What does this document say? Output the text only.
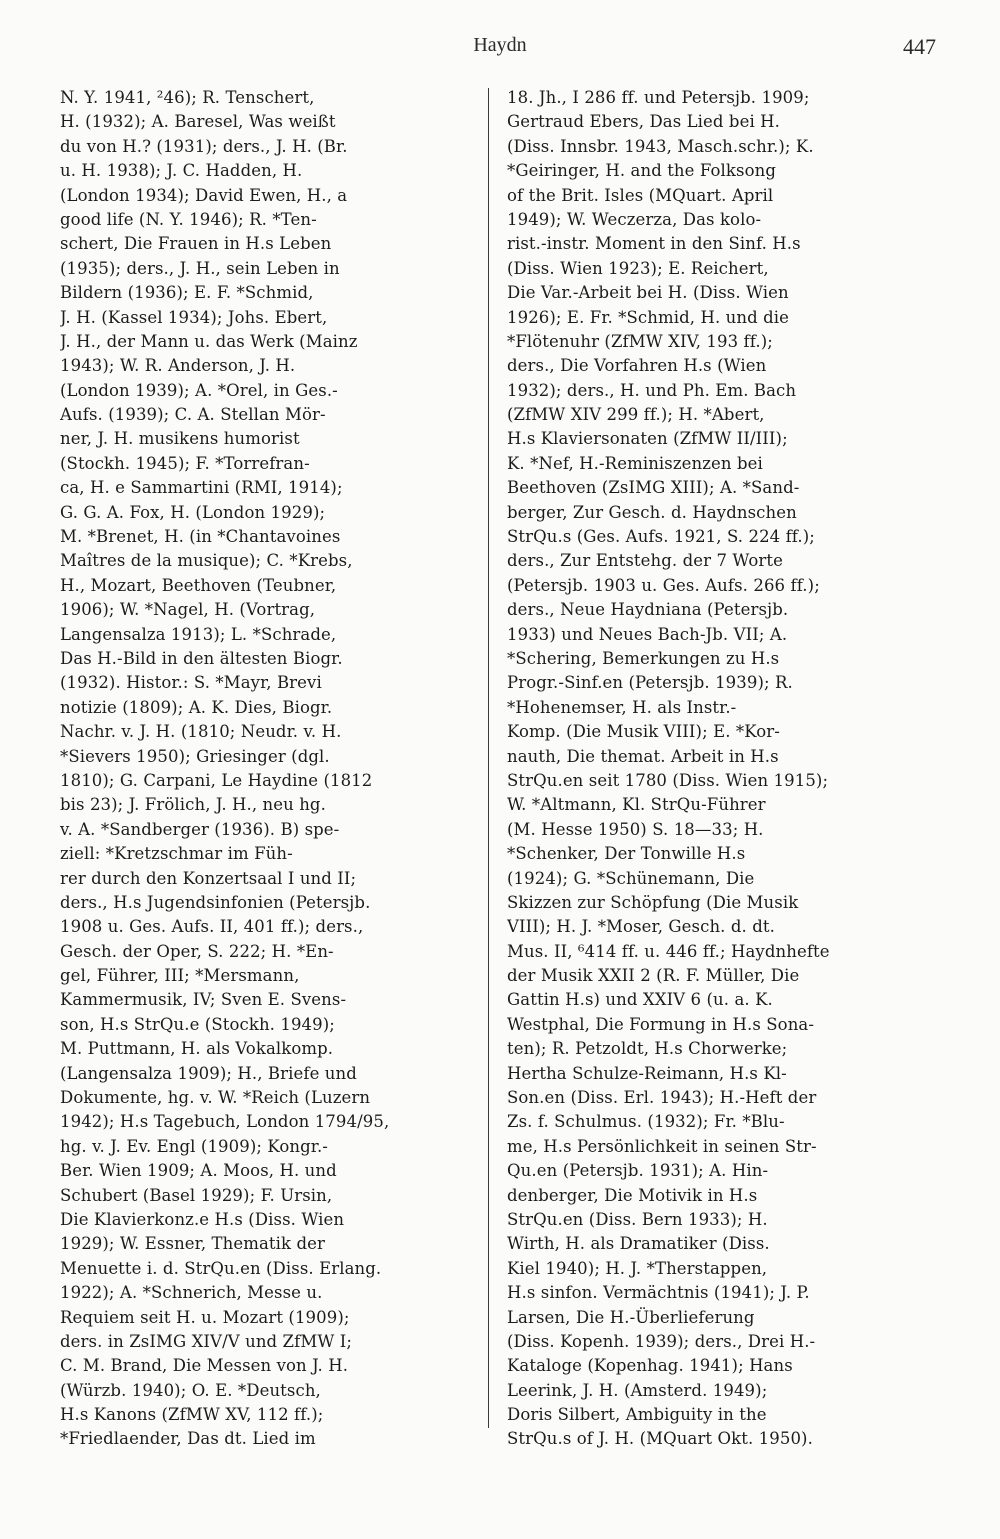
Haydn	447
N. Y. 1941, ²46); R. Tenschert,
H. (1932); A. Baresel, Was weißt
du von H.? (1931); ders., J. H. (Br.
u. H. 1938); J. C. Hadden, H.
(London 1934); David Ewen, H., a
good life (N. Y. 1946); R. *Ten-
schert, Die Frauen in H.s Leben
(1935); ders., J. H., sein Leben in
Bildern (1936); E. F. *Schmid,
J. H. (Kassel 1934); Johs. Ebert,
J. H., der Mann u. das Werk (Mainz
1943); W. R. Anderson, J. H.
(London 1939); A. *Orel, in Ges.-
Aufs. (1939); C. A. Stellan Mör-
ner, J. H. musikens humorist
(Stockh. 1945); F. *Torrefran-
ca, H. e Sammartini (RMI, 1914);
G. G. A. Fox, H. (London 1929);
M. *Brenet, H. (in *Chantavoines
Maîtres de la musique); C. *Krebs,
H., Mozart, Beethoven (Teubner,
1906); W. *Nagel, H. (Vortrag,
Langensalza 1913); L. *Schrade,
Das H.-Bild in den ältesten Biogr.
(1932). Histor.: S. *Mayr, Brevi
notizie (1809); A. K. Dies, Biogr.
Nachr. v. J. H. (1810; Neudr. v. H.
*Sievers 1950); Griesinger (dgl.
1810); G. Carpani, Le Haydine (1812
bis 23); J. Frölich, J. H., neu hg.
v. A. *Sandberger (1936). B) spe-
ziell: *Kretzschmar im Füh-
rer durch den Konzertsaal I und II;
ders., H.s Jugendsinfonien (Petersjb.
1908 u. Ges. Aufs. II, 401 ff.); ders.,
Gesch. der Oper, S. 222; H. *En-
gel, Führer, III; *Mersmann,
Kammermusik, IV; Sven E. Svens-
son, H.s StrQu.e (Stockh. 1949);
M. Puttmann, H. als Vokalkomp.
(Langensalza 1909); H., Briefe und
Dokumente, hg. v. W. *Reich (Luzern
1942); H.s Tagebuch, London 1794/95,
hg. v. J. Ev. Engl (1909); Kongr.-
Ber. Wien 1909; A. Moos, H. und
Schubert (Basel 1929); F. Ursin,
Die Klavierkonz.e H.s (Diss. Wien
1929); W. Essner, Thematik der
Menuette i. d. StrQu.en (Diss. Erlang.
1922); A. *Schnerich, Messe u.
Requiem seit H. u. Mozart (1909);
ders. in ZsIMG XIV/V und ZfMW I;
C. M. Brand, Die Messen von J. H.
(Würzb. 1940); O. E. *Deutsch,
H.s Kanons (ZfMW XV, 112 ff.);
*Friedlaender, Das dt. Lied im
18. Jh., I 286 ff. und Petersjb. 1909;
Gertraud Ebers, Das Lied bei H.
(Diss. Innsbr. 1943, Masch.schr.); K.
*Geiringer, H. and the Folksong
of the Brit. Isles (MQuart. April
1949); W. Weczerza, Das kolo-
rist.-instr. Moment in den Sinf. H.s
(Diss. Wien 1923); E. Reichert,
Die Var.-Arbeit bei H. (Diss. Wien
1926); E. Fr. *Schmid, H. und die
*Flötenuhr (ZfMW XIV, 193 ff.);
ders., Die Vorfahren H.s (Wien
1932); ders., H. und Ph. Em. Bach
(ZfMW XIV 299 ff.); H. *Abert,
H.s Klaviersonaten (ZfMW II/III);
K. *Nef, H.-Reminiszenzen bei
Beethoven (ZsIMG XIII); A. *Sand-
berger, Zur Gesch. d. Haydnschen
StrQu.s (Ges. Aufs. 1921, S. 224 ff.);
ders., Zur Entstehg. der 7 Worte
(Petersjb. 1903 u. Ges. Aufs. 266 ff.);
ders., Neue Haydniana (Petersjb.
1933) und Neues Bach-Jb. VII; A.
*Schering, Bemerkungen zu H.s
Progr.-Sinf.en (Petersjb. 1939); R.
*Hohenemser, H. als Instr.-
Komp. (Die Musik VIII); E. *Kor-
nauth, Die themat. Arbeit in H.s
StrQu.en seit 1780 (Diss. Wien 1915);
W. *Altmann, Kl. StrQu-Führer
(M. Hesse 1950) S. 18—33; H.
*Schenker, Der Tonwille H.s
(1924); G. *Schünemann, Die
Skizzen zur Schöpfung (Die Musik
VIII); H. J. *Moser, Gesch. d. dt.
Mus. II, ⁶414 ff. u. 446 ff.; Haydnhefte
der Musik XXII 2 (R. F. Müller, Die
Gattin H.s) und XXIV 6 (u. a. K.
Westphal, Die Formung in H.s Sona-
ten); R. Petzoldt, H.s Chorwerke;
Hertha Schulze-Reimann, H.s Kl-
Son.en (Diss. Erl. 1943); H.-Heft der
Zs. f. Schulmus. (1932); Fr. *Blu-
me, H.s Persönlichkeit in seinen Str-
Qu.en (Petersjb. 1931); A. Hin-
denberger, Die Motivik in H.s
StrQu.en (Diss. Bern 1933); H.
Wirth, H. als Dramatiker (Diss.
Kiel 1940); H. J. *Therstappen,
H.s sinfon. Vermächtnis (1941); J. P.
Larsen, Die H.-Überlieferung
(Diss. Kopenh. 1939); ders., Drei H.-
Kataloge (Kopenhag. 1941); Hans
Leerink, J. H. (Amsterd. 1949);
Doris Silbert, Ambiguity in the
StrQu.s of J. H. (MQuart Okt. 1950).
